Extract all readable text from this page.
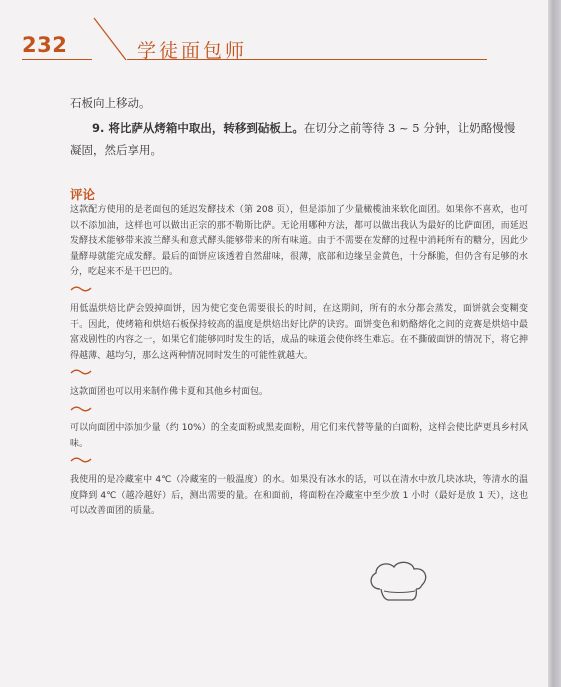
232	学徒面包师

石板向上移动。

9. 将比萨从烤箱中取出，转移到砧板上。在切分之前等待 3 ~ 5 分钟，让奶酪慢慢凝固，然后享用。

评论

这款配方使用的是老面包的延迟发酵技术（第 208 页），但是添加了少量橄榄油来软化面团。如果你不喜欢，也可以不添加油，这样也可以做出正宗的那不勒斯比萨。无论用哪种方法，都可以做出我认为最好的比萨面团，而延迟发酵技术能够带来波兰酵头和意式酵头能够带来的所有味道。由于不需要在发酵的过程中消耗所有的糖分，因此少量酵母就能完成发酵。最后的面饼应该透着自然甜味，很薄，底部和边缘呈金黄色，十分酥脆，但仍含有足够的水分，吃起来不是干巴巴的。

用低温烘焙比萨会毁掉面饼，因为使它变色需要很长的时间，在这期间，所有的水分都会蒸发，面饼就会变糊变干。因此，使烤箱和烘焙石板保持较高的温度是烘焙出好比萨的诀窍。面饼变色和奶酪熔化之间的竞赛是烘焙中最富戏剧性的内容之一，如果它们能够同时发生的话，成品的味道会使你终生难忘。在不撕破面饼的情况下，将它抻得越薄、越均匀，那么这两种情况同时发生的可能性就越大。

这款面团也可以用来制作佛卡夏和其他乡村面包。

可以向面团中添加少量（约 10%）的全麦面粉或黑麦面粉，用它们来代替等量的白面粉，这样会使比萨更具乡村风味。

我使用的是冷藏室中 4℃（冷藏室的一般温度）的水。如果没有冰水的话，可以在清水中放几块冰块，等清水的温度降到 4℃（越冷越好）后，测出需要的量。在和面前，将面粉在冷藏室中至少放 1 小时（最好是放 1 天），这也可以改善面团的质量。
